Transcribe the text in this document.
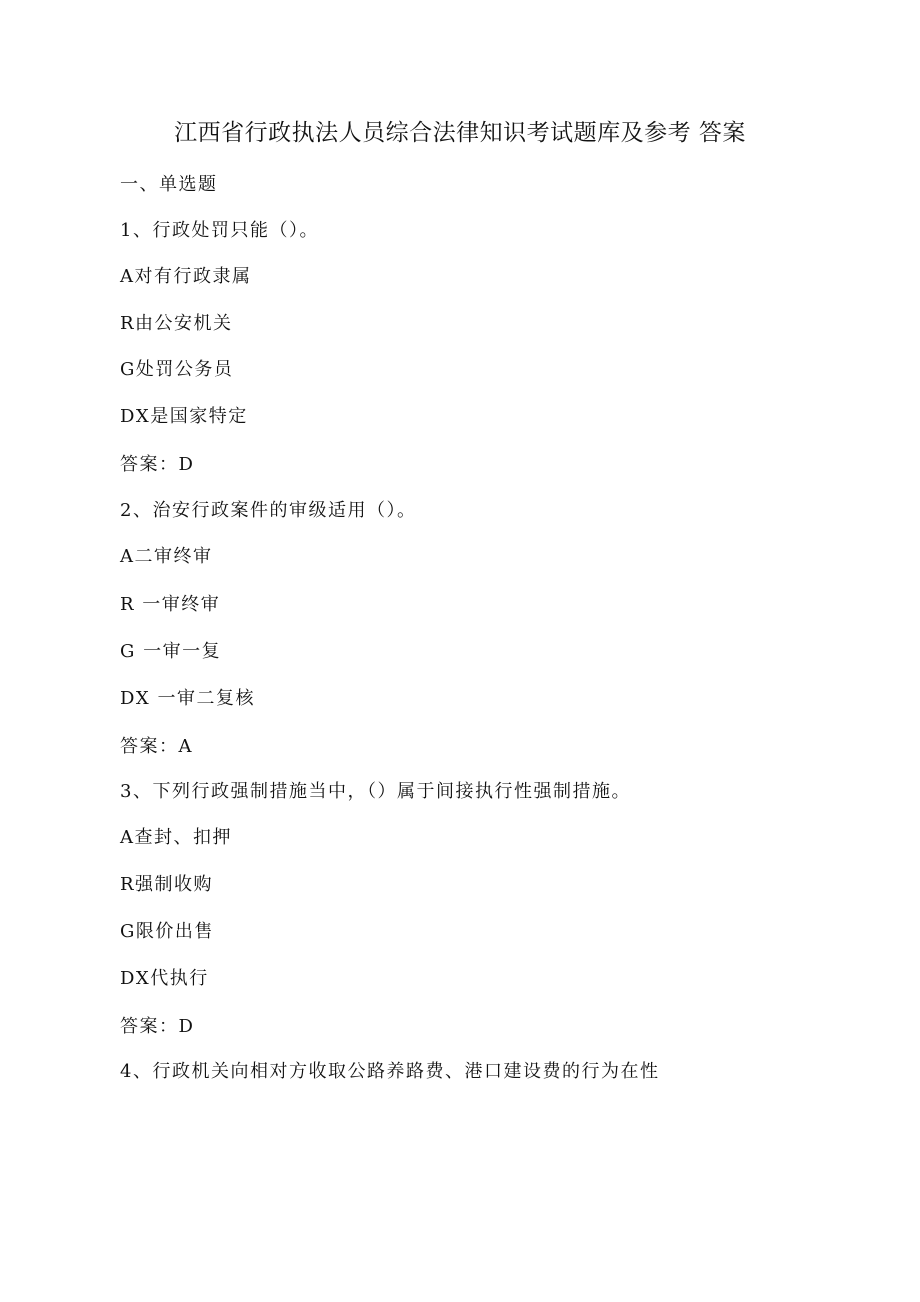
江西省行政执法人员综合法律知识考试题库及参考 答案
一、单选题
1、行政处罚只能（）。
A对有行政隶属
R由公安机关
G处罚公务员
DX是国家特定
答案：D
2、治安行政案件的审级适用（）。
A二审终审
R 一审终审
G 一审一复
DX 一审二复核
答案：A
3、下列行政强制措施当中，（）属于间接执行性强制措施。
A查封、扣押
R强制收购
G限价出售
DX代执行
答案：D
4、行政机关向相对方收取公路养路费、港口建设费的行为在性
